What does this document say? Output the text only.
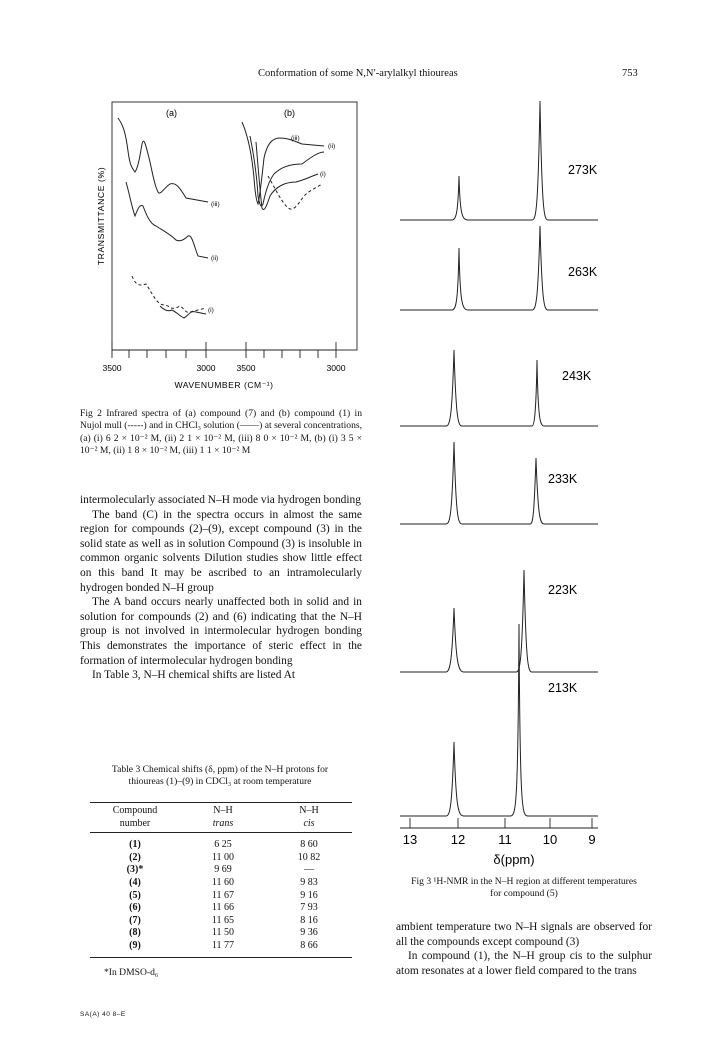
Conformation of some N,N′-arylalkyl thioureas	753
TRANSMITTANCE (%)
(a)	(b)
(iii)
(ii)
(i)
(iii)
(ii)
(i)
3500	3000 3500	3000
WAVENUMBER (CM⁻¹)
Fig 2 Infrared spectra of (a) compound (7) and (b) compound (1) in Nujol mull (-----) and in CHCl₃ solution (——) at several concentrations, (a) (i) 6 2 × 10⁻² M, (ii) 2 1 × 10⁻² M, (iii) 8 0 × 10⁻² M, (b) (i) 3 5 × 10⁻² M, (ii) 1 8 × 10⁻² M, (iii) 1 1 × 10⁻² M
intermolecularly associated N–H mode via hydrogen bonding
The band (C) in the spectra occurs in almost the same region for compounds (2)–(9), except compound (3) in the solid state as well as in solution Compound (3) is insoluble in common organic solvents Dilution studies show little effect on this band It may be ascribed to an intramolecularly hydrogen bonded N–H group
The A band occurs nearly unaffected both in solid and in solution for compounds (2) and (6) indicating that the N–H group is not involved in intermolecular hydrogen bonding This demonstrates the importance of steric effect in the formation of intermolecular hydrogen bonding
In Table 3, N–H chemical shifts are listed At
Table 3 Chemical shifts (δ, ppm) of the N–H protons for thioureas (1)–(9) in CDCl₃ at room temperature
Compound	N–H	N–H
number	trans	cis
(1)	6 25	8 60
(2)	11 00	10 82
(3)*	9 69	—
(4)	11 60	9 83
(5)	11 67	9 16
(6)	11 66	7 93
(7)	11 65	8 16
(8)	11 50	9 36
(9)	11 77	8 66
*In DMSO-d₆
SA(A) 40 8–E
273K
263K
243K
233K
223K
213K
13	12	11 10 9
δ(ppm)
Fig 3 ¹H-NMR in the N–H region at different temperatures
for compound (5)
ambient temperature two N–H signals are observed for all the compounds except compound (3)
In compound (1), the N–H group cis to the sulphur atom resonates at a lower field compared to the trans
